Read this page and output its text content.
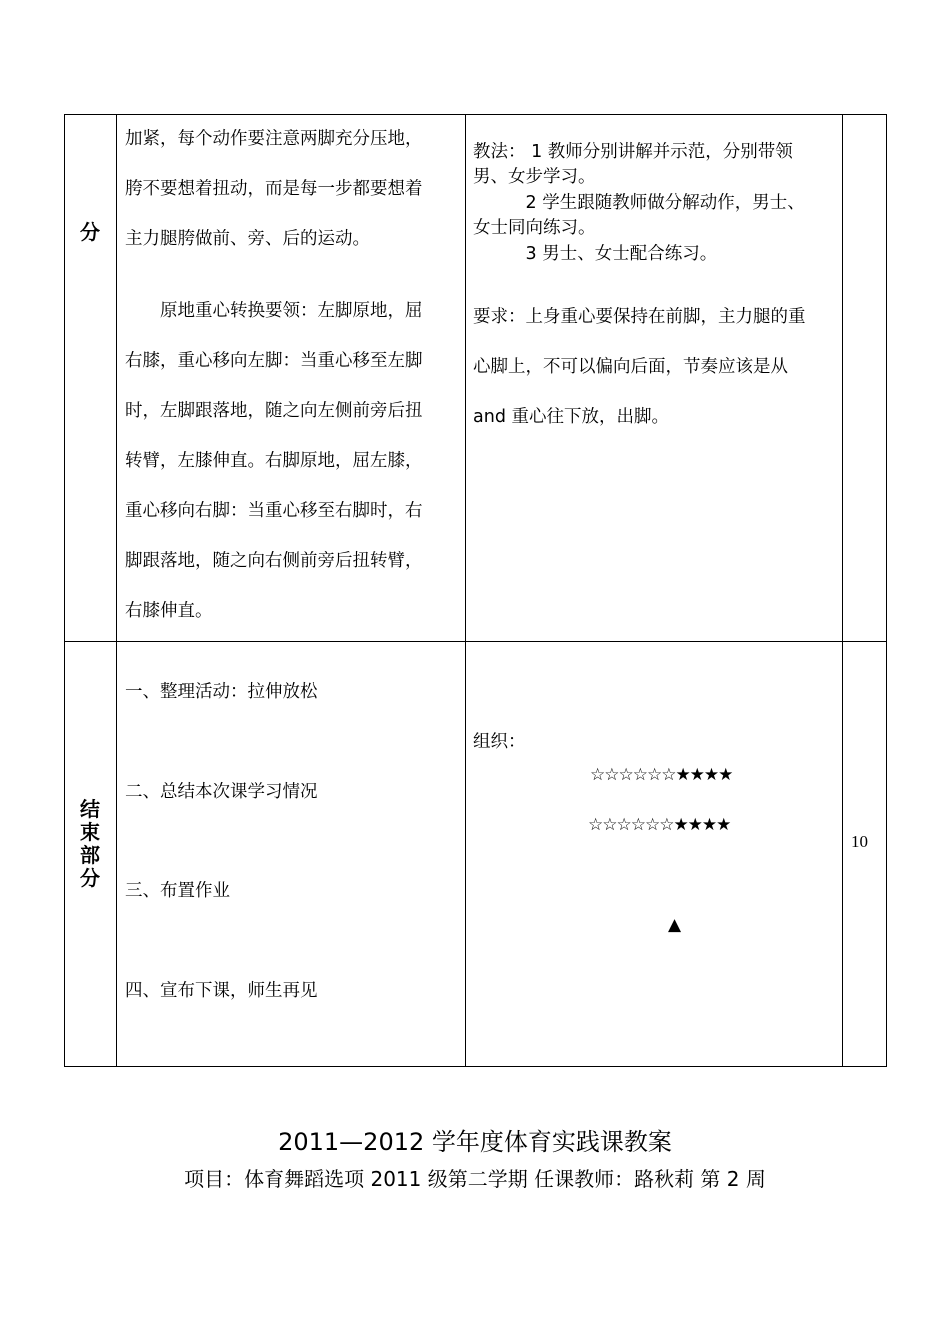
分
加紧，每个动作要注意两脚充分压地，
胯不要想着扭动，而是每一步都要想着
主力腿胯做前、旁、后的运动。
　　原地重心转换要领：左脚原地，屈
右膝，重心移向左脚：当重心移至左脚
时，左脚跟落地，随之向左侧前旁后扭
转臂，左膝伸直。右脚原地，屈左膝，
重心移向右脚：当重心移至右脚时，右
脚跟落地，随之向右侧前旁后扭转臂，
右膝伸直。
教法： 1 教师分别讲解并示范，分别带领
男、女步学习。
　　　2 学生跟随教师做分解动作，男士、
女士同向练习。
　　　3 男士、女士配合练习。
要求：上身重心要保持在前脚，主力腿的重
心脚上，不可以偏向后面，节奏应该是从
and 重心往下放，出脚。
结
束
部
分
一、整理活动：拉伸放松
二、总结本次课学习情况
三、布置作业
四、宣布下课，师生再见
组织：
☆☆☆☆☆☆★★★★
☆☆☆☆☆☆★★★★
▲
10
2011—2012 学年度体育实践课教案
项目：体育舞蹈选项 2011 级第二学期 任课教师：路秋莉 第 2 周
